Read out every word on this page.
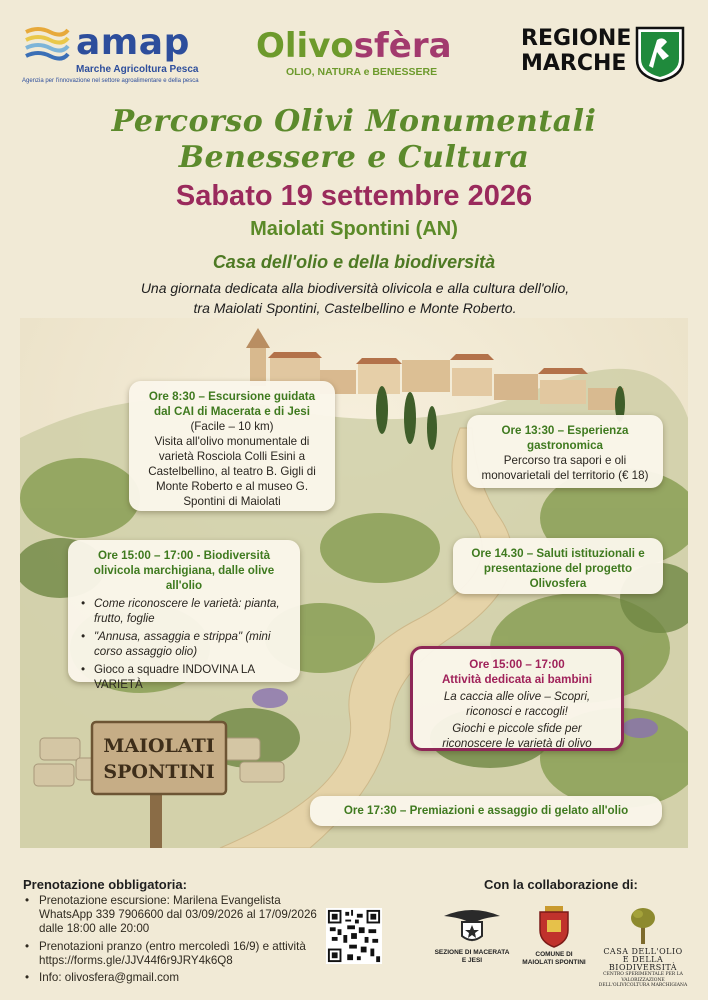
amap
Marche Agricoltura Pesca
Agenzia per l'innovazione nel settore agroalimentare e della pesca
Olivosfèra
OLIO, NATURA e BENESSERE
REGIONE
MARCHE
Percorso Olivi Monumentali
Benessere e Cultura
Sabato 19 settembre 2026
Maiolati Spontini (AN)
Casa dell'olio e della biodiversità
Una giornata dedicata alla biodiversità olivicola e alla cultura dell'olio,
tra Maiolati Spontini, Castelbellino e Monte Roberto.
MAIOLATI
SPONTINI
Ore 8:30 – Escursione guidata dal CAI di Macerata e di Jesi
(Facile – 10 km)
Visita all'olivo monumentale di varietà Rosciola Colli Esini a Castelbellino, al teatro B. Gigli di Monte Roberto e al museo G. Spontini di Maiolati
Ore 13:30 – Esperienza gastronomica
Percorso tra sapori e oli monovarietali del territorio (€ 18)
Ore 15:00 – 17:00 - Biodiversità olivicola marchigiana, dalle olive all'olio
• Come riconoscere le varietà: pianta, frutto, foglie
• "Annusa, assaggia e strippa" (mini corso assaggio olio)
• Gioco a squadre INDOVINA LA VARIETÀ
Ore 14.30 – Saluti istituzionali e presentazione del progetto Olivosfera
Ore 15:00 – 17:00
Attività dedicata ai bambini
La caccia alle olive – Scopri, riconosci e raccogli!
Giochi e piccole sfide per riconoscere le varietà di olivo
Ore 17:30 – Premiazioni e assaggio di gelato all'olio
Prenotazione obbligatoria:
• Prenotazione escursione: Marilena Evangelista WhatsApp 339 7906600 dal 03/09/2026 al 17/09/2026 dalle 18:00 alle 20:00
• Prenotazioni pranzo (entro mercoledì 16/9) e attività https://forms.gle/JJV44f6r9JRY4k6Q8
• Info: olivosfera@gmail.com
Con la collaborazione di:
SEZIONE DI MACERATA E JESI
COMUNE DI
MAIOLATI SPONTINI
CASA DELL'OLIO
E DELLA BIODIVERSITÀ
CENTRO SPERIMENTALE PER LA VALORIZZAZIONE DELL'OLIVICOLTURA MARCHIGIANA
